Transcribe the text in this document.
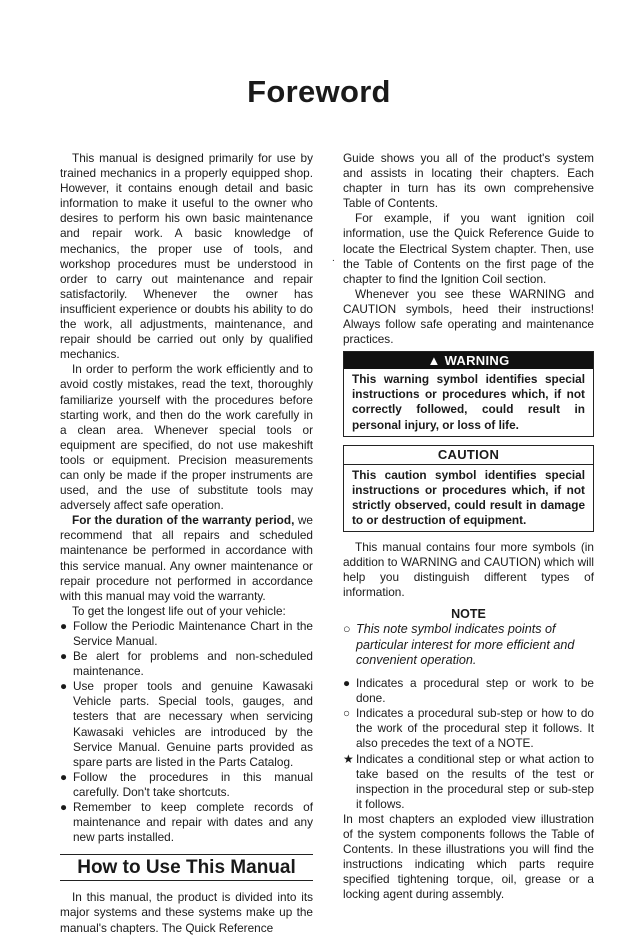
Foreword
.

This manual is designed primarily for use by trained mechanics in a properly equipped shop. However, it contains enough detail and basic information to make it useful to the owner who desires to perform his own basic maintenance and repair work. A basic knowledge of mechanics, the proper use of tools, and workshop procedures must be understood in order to carry out maintenance and repair satisfactorily. Whenever the owner has insufficient experience or doubts his ability to do the work, all adjustments, maintenance, and repair should be carried out only by qualified mechanics.

In order to perform the work efficiently and to avoid costly mistakes, read the text, thoroughly familiarize yourself with the procedures before starting work, and then do the work carefully in a clean area. Whenever special tools or equipment are specified, do not use makeshift tools or equipment. Precision measurements can only be made if the proper instruments are used, and the use of substitute tools may adversely affect safe operation.

For the duration of the warranty period, we recommend that all repairs and scheduled maintenance be performed in accordance with this service manual. Any owner maintenance or repair procedure not performed in accordance with this manual may void the warranty.

To get the longest life out of your vehicle:

● Follow the Periodic Maintenance Chart in the Service Manual.
● Be alert for problems and non-scheduled maintenance.
● Use proper tools and genuine Kawasaki Vehicle parts. Special tools, gauges, and testers that are necessary when servicing Kawasaki vehicles are introduced by the Service Manual. Genuine parts provided as spare parts are listed in the Parts Catalog.
● Follow the procedures in this manual carefully. Don't take shortcuts.
● Remember to keep complete records of maintenance and repair with dates and any new parts installed.
How to Use This Manual

In this manual, the product is divided into its major systems and these systems make up the manual's chapters. The Quick Reference

Guide shows you all of the product's system and assists in locating their chapters. Each chapter in turn has its own comprehensive Table of Contents.

For example, if you want ignition coil information, use the Quick Reference Guide to locate the Electrical System chapter. Then, use the Table of Contents on the first page of the chapter to find the Ignition Coil section.

Whenever you see these WARNING and CAUTION symbols, heed their instructions! Always follow safe operating and maintenance practices.

▲ WARNING
This warning symbol identifies special instructions or procedures which, if not correctly followed, could result in personal injury, or loss of life.
CAUTION
This caution symbol identifies special instructions or procedures which, if not strictly observed, could result in damage to or destruction of equipment.

This manual contains four more symbols (in addition to WARNING and CAUTION) which will help you distinguish different types of information.

NOTE
○ This note symbol indicates points of particular interest for more efficient and convenient operation.
● Indicates a procedural step or work to be done.
○ Indicates a procedural sub-step or how to do the work of the procedural step it follows. It also precedes the text of a NOTE.
★ Indicates a conditional step or what action to take based on the results of the test or inspection in the procedural step or sub-step it follows.

In most chapters an exploded view illustration of the system components follows the Table of Contents. In these illustrations you will find the instructions indicating which parts require specified tightening torque, oil, grease or a locking agent during assembly.
